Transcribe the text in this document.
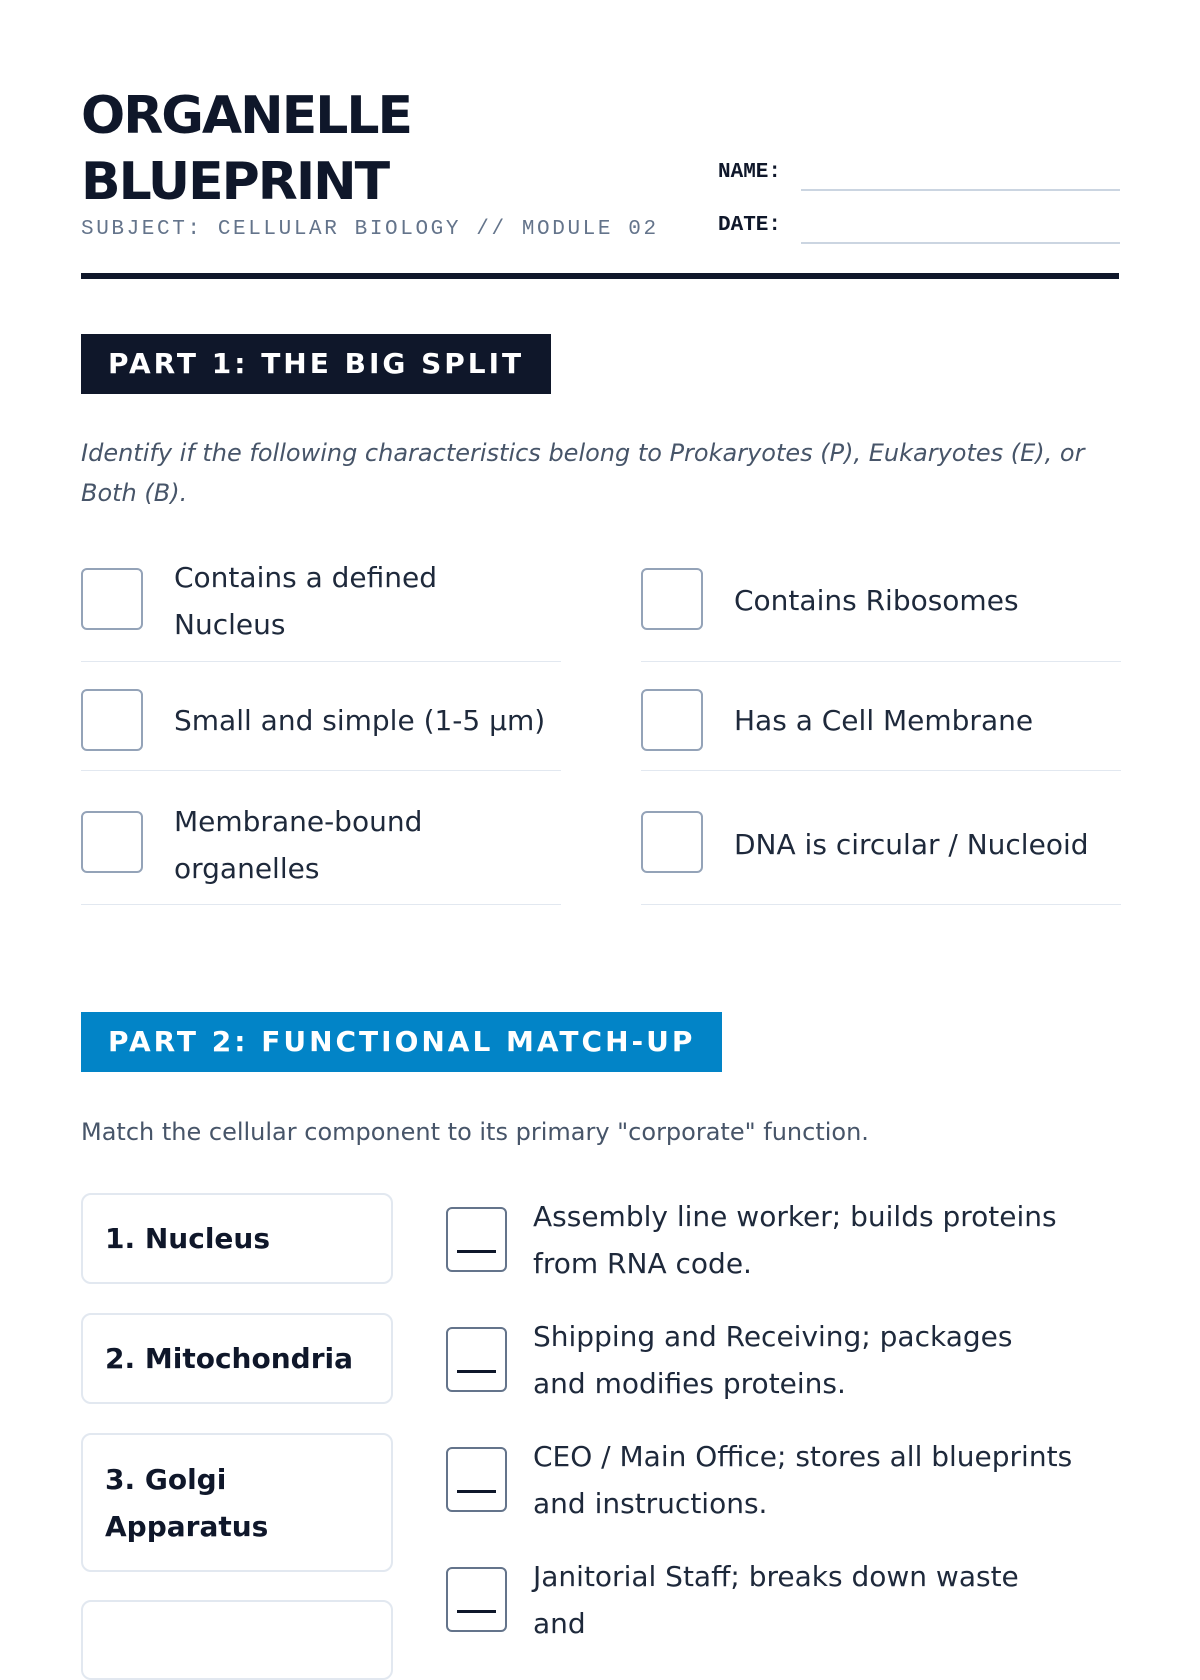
ORGANELLE
BLUEPRINT
SUBJECT: CELLULAR BIOLOGY // MODULE 02
NAME:
DATE:
PART 1: THE BIG SPLIT
Identify if the following characteristics belong to Prokaryotes (P), Eukaryotes (E), or Both (B).
Contains a defined Nucleus
Contains Ribosomes
Small and simple (1-5 μm)	Has a Cell Membrane
Membrane-bound organelles
DNA is circular / Nucleoid
PART 2: FUNCTIONAL MATCH-UP
Match the cellular component to its primary "corporate" function.
1. Nucleus
2. Mitochondria
3. Golgi Apparatus
Assembly line worker; builds proteins from RNA code.
Shipping and Receiving; packages and modifies proteins.
CEO / Main Office; stores all blueprints and instructions.
Janitorial Staff; breaks down waste and
